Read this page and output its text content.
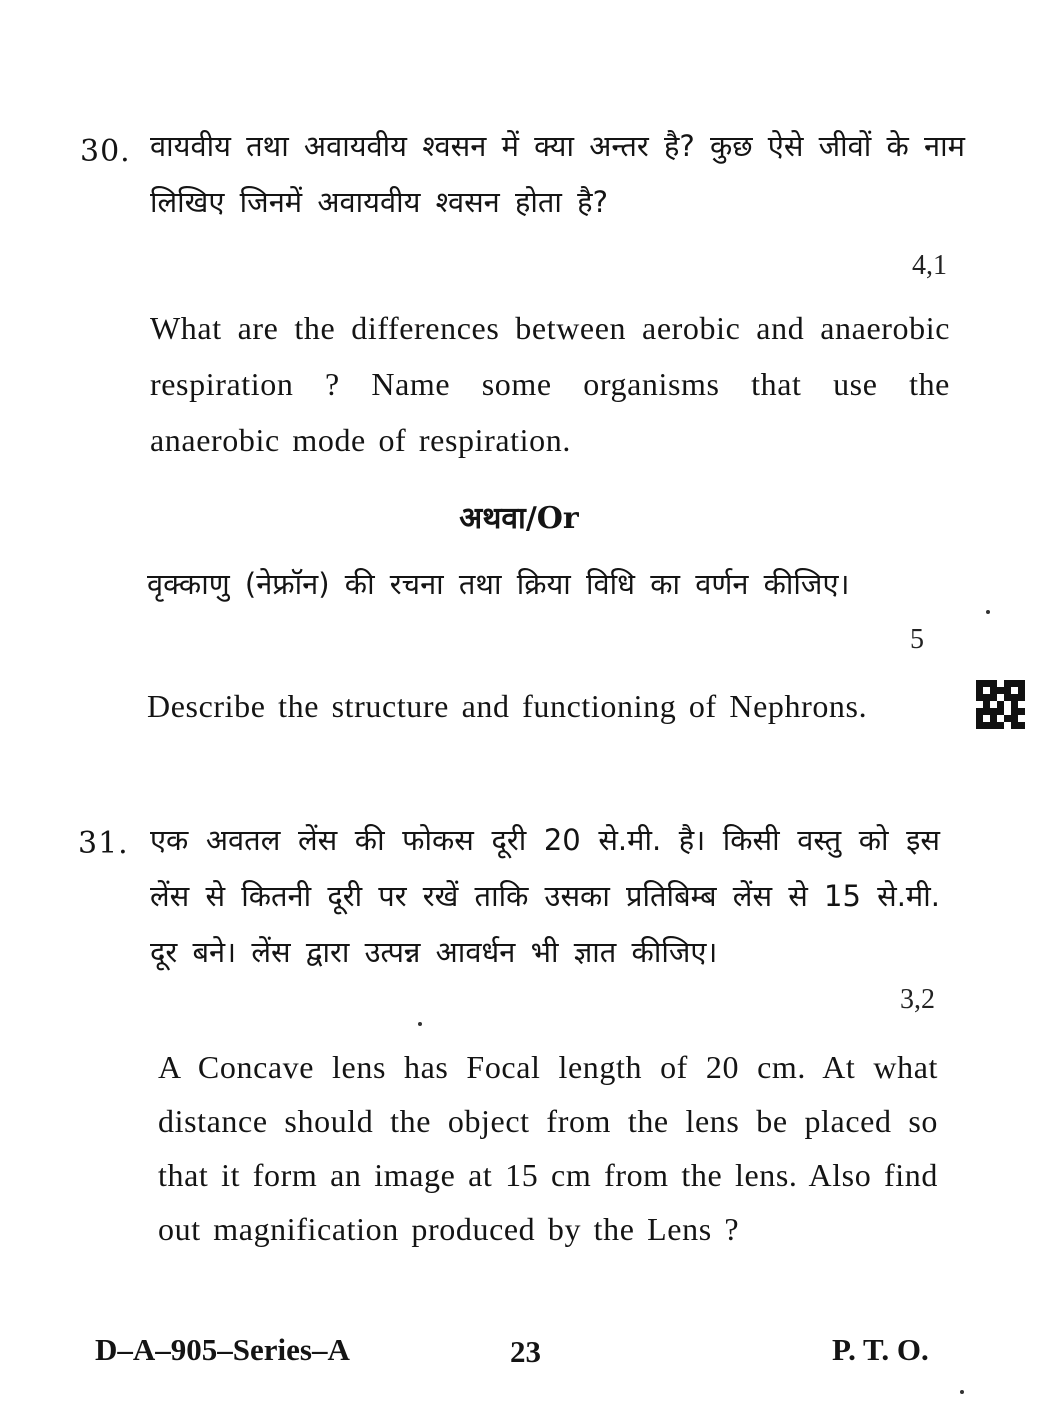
30. वायवीय तथा अवायवीय श्वसन में क्या अन्तर है? कुछ ऐसे जीवों के नाम लिखिए जिनमें अवायवीय श्वसन होता है?
4,1
What are the differences between aerobic and anaerobic respiration ? Name some organisms that use the anaerobic mode of respiration.
अथवा/Or
वृक्काणु (नेफ्रॉन) की रचना तथा क्रिया विधि का वर्णन कीजिए।
5
Describe the structure and functioning of Nephrons.
31. एक अवतल लेंस की फोकस दूरी 20 से.मी. है। किसी वस्तु को इस लेंस से कितनी दूरी पर रखें ताकि उसका प्रतिबिम्ब लेंस से 15 से.मी. दूर बने। लेंस द्वारा उत्पन्न आवर्धन भी ज्ञात कीजिए।
3,2
A Concave lens has Focal length of 20 cm. At what distance should the object from the lens be placed so that it form an image at 15 cm from the lens. Also find out magnification produced by the Lens ?
D–A–905–Series–A	23	P. T. O.
